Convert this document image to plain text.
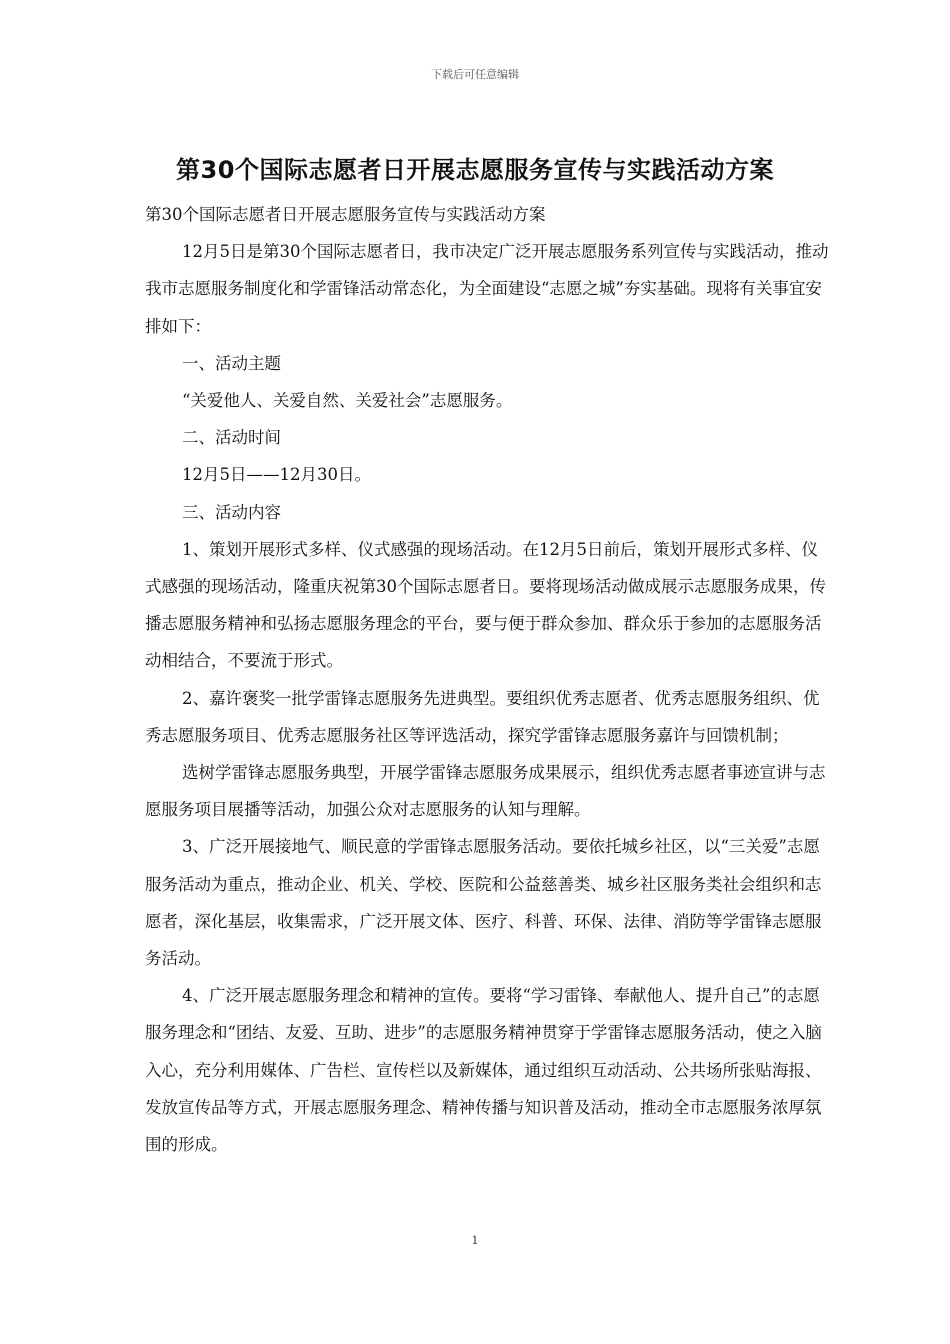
下载后可任意编辑
第30个国际志愿者日开展志愿服务宣传与实践活动方案

第30个国际志愿者日开展志愿服务宣传与实践活动方案

12月5日是第30个国际志愿者日，我市决定广泛开展志愿服务系列宣传与实践活动，推动我市志愿服务制度化和学雷锋活动常态化，为全面建设“志愿之城”夯实基础。现将有关事宜安排如下：

一、活动主题

“关爱他人、关爱自然、关爱社会”志愿服务。

二、活动时间

12月5日——12月30日。

三、活动内容

1、策划开展形式多样、仪式感强的现场活动。在12月5日前后，策划开展形式多样、仪式感强的现场活动，隆重庆祝第30个国际志愿者日。要将现场活动做成展示志愿服务成果，传播志愿服务精神和弘扬志愿服务理念的平台，要与便于群众参加、群众乐于参加的志愿服务活动相结合，不要流于形式。

2、嘉许褒奖一批学雷锋志愿服务先进典型。要组织优秀志愿者、优秀志愿服务组织、优秀志愿服务项目、优秀志愿服务社区等评选活动，探究学雷锋志愿服务嘉许与回馈机制；

选树学雷锋志愿服务典型，开展学雷锋志愿服务成果展示，组织优秀志愿者事迹宣讲与志愿服务项目展播等活动，加强公众对志愿服务的认知与理解。

3、广泛开展接地气、顺民意的学雷锋志愿服务活动。要依托城乡社区，以“三关爱”志愿服务活动为重点，推动企业、机关、学校、医院和公益慈善类、城乡社区服务类社会组织和志愿者，深化基层，收集需求，广泛开展文体、医疗、科普、环保、法律、消防等学雷锋志愿服务活动。

4、广泛开展志愿服务理念和精神的宣传。要将“学习雷锋、奉献他人、提升自己”的志愿服务理念和“团结、友爱、互助、进步”的志愿服务精神贯穿于学雷锋志愿服务活动，使之入脑入心，充分利用媒体、广告栏、宣传栏以及新媒体，通过组织互动活动、公共场所张贴海报、发放宣传品等方式，开展志愿服务理念、精神传播与知识普及活动，推动全市志愿服务浓厚氛围的形成。

1
